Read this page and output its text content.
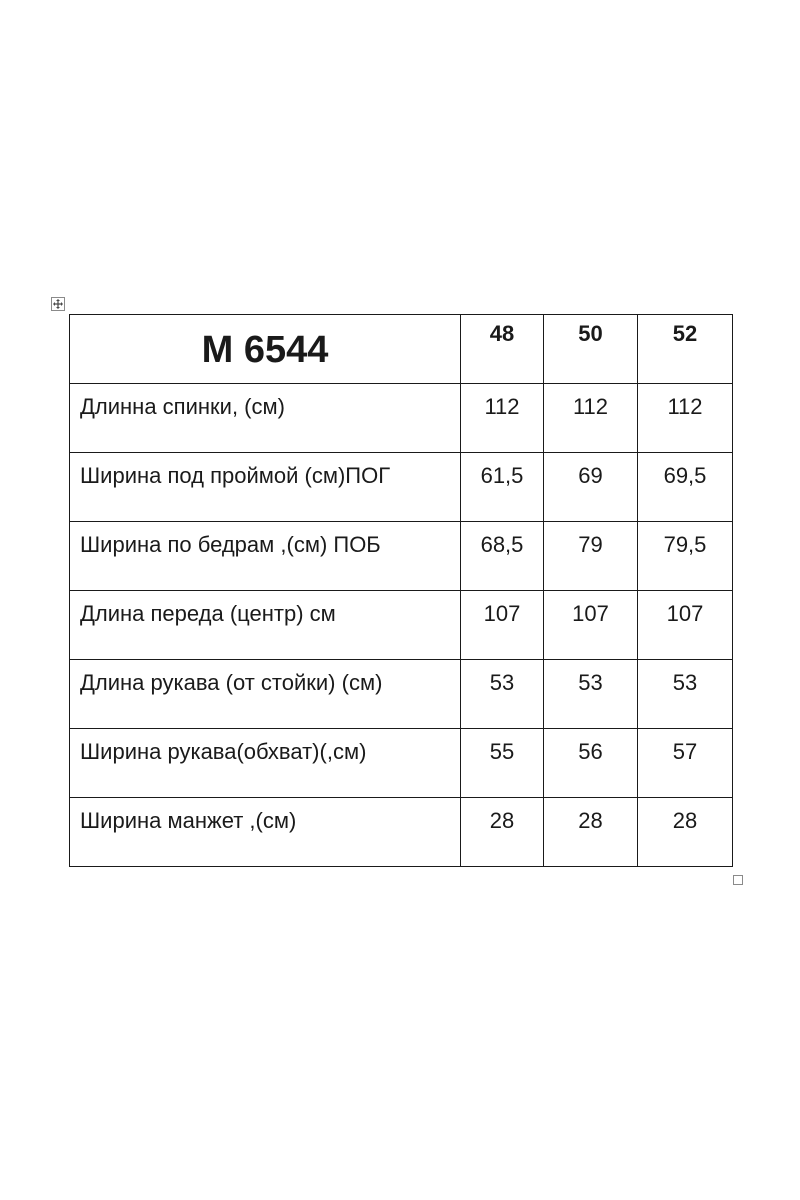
М 6544	48	50	52
Длинна спинки, (см)	112	112	112
Ширина под проймой (см)ПОГ	61,5	69	69,5
Ширина по бедрам ,(см) ПОБ	68,5	79	79,5
Длина переда (центр) см	107	107	107
Длина рукава (от стойки) (см)	53	53	53
Ширина рукава(обхват)(,см)	55	56	57
Ширина манжет ,(см)	28	28	28
